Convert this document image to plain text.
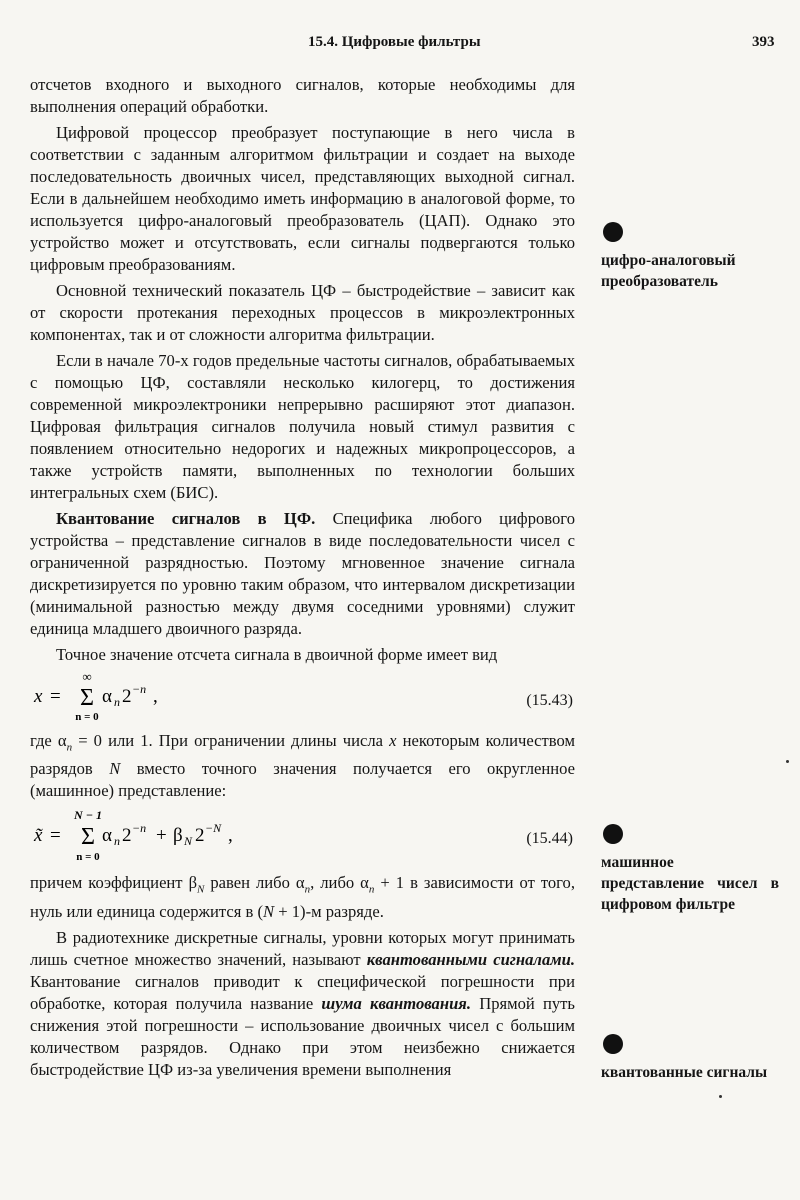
15.4. Цифровые фильтры	393

отсчетов входного и выходного сигналов, которые необходимы для выполнения операций обработки.

Цифровой процессор преобразует поступающие в него числа в соответствии с заданным алгоритмом фильтрации и создает на выходе последовательность двоичных чисел, представляющих выходной сигнал. Если в дальнейшем необходимо иметь информацию в аналоговой форме, то используется цифро-аналоговый преобразователь (ЦАП). Однако это устройство может и отсутствовать, если сигналы подвергаются только цифровым преобразованиям.

Основной технический показатель ЦФ – быстродействие – зависит как от скорости протекания переходных процессов в микроэлектронных компонентах, так и от сложности алгоритма фильтрации.

Если в начале 70-х годов предельные частоты сигналов, обрабатываемых с помощью ЦФ, составляли несколько килогерц, то достижения современной микроэлектроники непрерывно расширяют этот диапазон. Цифровая фильтрация сигналов получила новый стимул развития с появлением относительно недорогих и надежных микропроцессоров, а также устройств памяти, выполненных по технологии больших интегральных схем (БИС).

Квантование сигналов в ЦФ. Специфика любого цифрового устройства – представление сигналов в виде последовательности чисел с ограниченной разрядностью. Поэтому мгновенное значение сигнала дискретизируется по уровню таким образом, что интервалом дискретизации (минимальной разностью между двумя соседними уровнями) служит единица младшего двоичного разряда.

Точное значение отсчета сигнала в двоичной форме имеет вид

x =
∞
Σ
n = 0
α n 2 −n ,	(15.43)

где $\alpha_n = 0$ или 1. При ограничении длины числа x некоторым количеством разрядов N вместо точного значения получается его округленное (машинное) представление:

x̃ =
N − 1
Σ
n = 0
α n 2 −n + β N 2 −N ,	(15.44)

причем коэффициент $\beta_N$ равен либо $\alpha_n$, либо $\alpha_n + 1$ в зависимости от того, нуль или единица содержится в (N + 1)-м разряде.

В радиотехнике дискретные сигналы, уровни которых могут принимать лишь счетное множество значений, называют квантованными сигналами. Квантование сигналов приводит к специфической погрешности при обработке, которая получила название шума квантования. Прямой путь снижения этой погрешности – использование двоичных чисел с большим количеством разрядов. Однако при этом неизбежно снижается быстродействие ЦФ из-за увеличения времени выполнения

цифро-аналоговый преобразователь
машинное представление чисел в цифровом фильтре
квантованные сигналы
